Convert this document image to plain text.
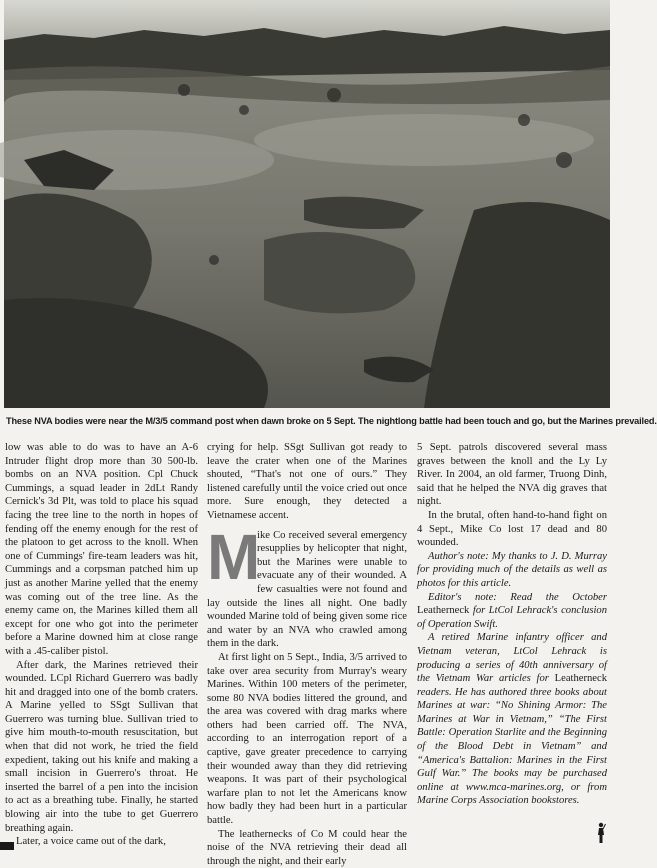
These NVA bodies were near the M/3/5 command post when dawn broke on 5 Sept. The nightlong battle had been touch and go, but the Marines prevailed.

low was able to do was to have an A-6 Intruder flight drop more than 30 500-lb. bombs on an NVA position. Cpl Chuck Cummings, a squad leader in 2dLt Randy Cernick's 3d Plt, was told to place his squad facing the tree line to the north in hopes of fending off the enemy enough for the rest of the platoon to get across to the knoll. When one of Cummings' fire-team leaders was hit, Cummings and a corpsman patched him up just as another Marine yelled that the enemy was coming out of the tree line. As the enemy came on, the Marines killed them all except for one who got into the perimeter before a Marine downed him at close range with a .45-caliber pistol.

After dark, the Marines retrieved their wounded. LCpl Richard Guerrero was badly hit and dragged into one of the bomb craters. A Marine yelled to SSgt Sullivan that Guerrero was turning blue. Sullivan tried to give him mouth-to-mouth resuscitation, but when that did not work, he tried the field expedient, taking out his knife and making a small incision in Guerrero's throat. He inserted the barrel of a pen into the incision to act as a breathing tube. Finally, he started blowing air into the tube to get Guerrero breathing again.

Later, a voice came out of the dark,

crying for help. SSgt Sullivan got ready to leave the crater when one of the Marines shouted, “That's not one of ours.” They listened carefully until the voice cried out once more. Sure enough, they detected a Vietnamese accent.

M
ike Co received several emergency resupplies by helicopter that night, but the Marines were unable to evacuate any of their wounded. A few casualties were not found and lay outside the lines all night. One badly wounded Marine told of being given some rice and water by an NVA who crawled among them in the dark.

At first light on 5 Sept., India, 3/5 arrived to take over area security from Murray's weary Marines. Within 100 meters of the perimeter, some 80 NVA bodies littered the ground, and the area was covered with drag marks where others had been carried off. The NVA, according to an interrogation report of a captive, gave greater precedence to carrying their wounded away than they did retrieving weapons. It was part of their psychological warfare plan to not let the Americans know how badly they had been hurt in a particular battle.

The leathernecks of Co M could hear the noise of the NVA retrieving their dead all through the night, and their early

5 Sept. patrols discovered several mass graves between the knoll and the Ly Ly River. In 2004, an old farmer, Truong Dinh, said that he helped the NVA dig graves that night.

In the brutal, often hand-to-hand fight on 4 Sept., Mike Co lost 17 dead and 80 wounded.

Author's note: My thanks to J. D. Murray for providing much of the details as well as photos for this article.

Editor's note: Read the October Leatherneck for LtCol Lehrack's conclusion of Operation Swift.

A retired Marine infantry officer and Vietnam veteran, LtCol Lehrack is producing a series of 40th anniversary of the Vietnam War articles for Leatherneck readers. He has authored three books about Marines at war: “No Shining Armor: The Marines at War in Vietnam,” “The First Battle: Operation Starlite and the Beginning of the Blood Debt in Vietnam” and “America's Battalion: Marines in the First Gulf War.” The books may be purchased online at www.mca-marines.org, or from Marine Corps Association bookstores.
